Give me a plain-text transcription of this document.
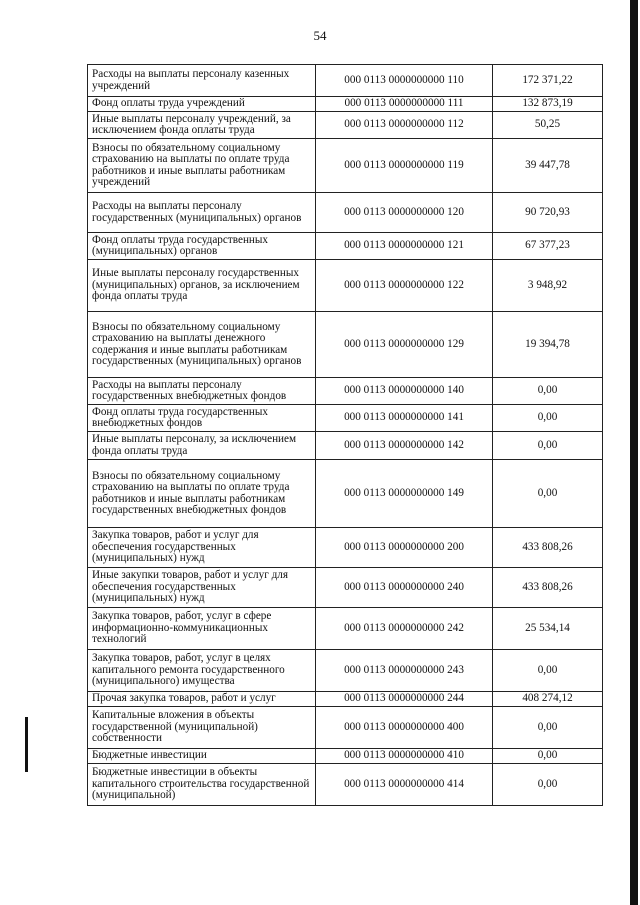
54
Расходы на выплаты персоналу казенных учреждений	000 0113 0000000000 110	172 371,22
Фонд оплаты труда учреждений	000 0113 0000000000 111	132 873,19
Иные выплаты персоналу учреждений, за исключением фонда оплаты труда	000 0113 0000000000 112	50,25
Взносы по обязательному социальному страхованию на выплаты по оплате труда работников и иные выплаты работникам учреждений	000 0113 0000000000 119	39 447,78
Расходы на выплаты персоналу государственных (муниципальных) органов	000 0113 0000000000 120	90 720,93
Фонд оплаты труда государственных (муниципальных) органов	000 0113 0000000000 121	67 377,23
Иные выплаты персоналу государственных (муниципальных) органов, за исключением фонда оплаты труда	000 0113 0000000000 122	3 948,92
Взносы по обязательному социальному страхованию на выплаты денежного содержания и иные выплаты работникам государственных (муниципальных) органов	000 0113 0000000000 129	19 394,78
Расходы на выплаты персоналу государственных внебюджетных фондов	000 0113 0000000000 140	0,00
Фонд оплаты труда государственных внебюджетных фондов	000 0113 0000000000 141	0,00
Иные выплаты персоналу, за исключением фонда оплаты труда	000 0113 0000000000 142	0,00
Взносы по обязательному социальному страхованию на выплаты по оплате труда работников и иные выплаты работникам государственных внебюджетных фондов	000 0113 0000000000 149	0,00
Закупка товаров, работ и услуг для обеспечения государственных (муниципальных) нужд	000 0113 0000000000 200	433 808,26
Иные закупки товаров, работ и услуг для обеспечения государственных (муниципальных) нужд	000 0113 0000000000 240	433 808,26
Закупка товаров, работ, услуг в сфере информационно-коммуникационных технологий	000 0113 0000000000 242	25 534,14
Закупка товаров, работ, услуг в целях капитального ремонта государственного (муниципального) имущества	000 0113 0000000000 243	0,00
Прочая закупка товаров, работ и услуг	000 0113 0000000000 244	408 274,12
Капитальные вложения в объекты государственной (муниципальной) собственности	000 0113 0000000000 400	0,00
Бюджетные инвестиции	000 0113 0000000000 410	0,00
Бюджетные инвестиции в объекты капитального строительства государственной (муниципальной)	000 0113 0000000000 414	0,00
